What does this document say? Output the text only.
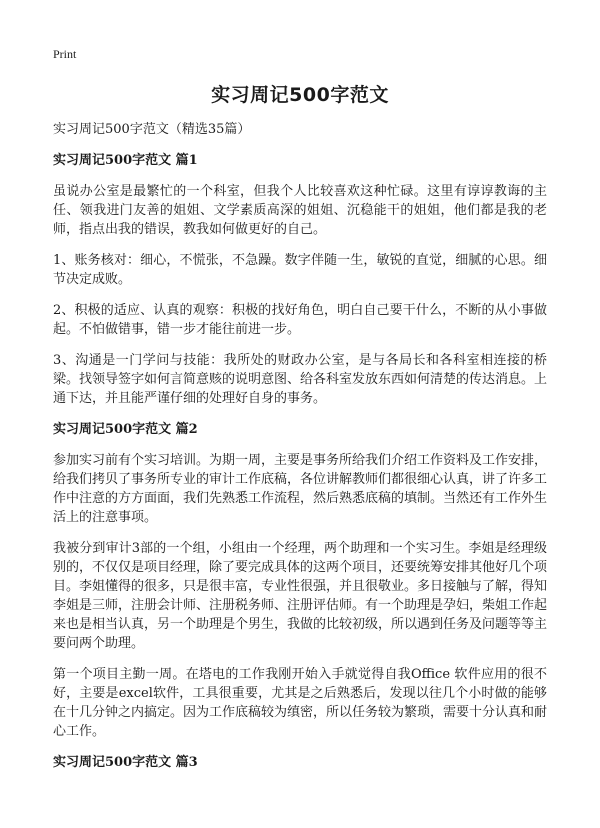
Print
实习周记500字范文

实习周记500字范文（精选35篇）

实习周记500字范文 篇1

虽说办公室是最繁忙的一个科室，但我个人比较喜欢这种忙碌。这里有谆谆教诲的主任、领我进门友善的姐姐、文学素质高深的姐姐、沉稳能干的姐姐，他们都是我的老师，指点出我的错误，教我如何做更好的自己。

1、账务核对：细心，不慌张，不急躁。数字伴随一生，敏锐的直觉，细腻的心思。细节决定成败。

2、积极的适应、认真的观察：积极的找好角色，明白自己要干什么，不断的从小事做起。不怕做错事，错一步才能往前进一步。

3、沟通是一门学问与技能：我所处的财政办公室，是与各局长和各科室相连接的桥梁。找领导签字如何言简意赅的说明意图、给各科室发放东西如何清楚的传达消息。上通下达，并且能严谨仔细的处理好自身的事务。

实习周记500字范文 篇2

参加实习前有个实习培训。为期一周，主要是事务所给我们介绍工作资料及工作安排，给我们拷贝了事务所专业的审计工作底稿，各位讲解教师们都很细心认真，讲了许多工作中注意的方方面面，我们先熟悉工作流程，然后熟悉底稿的填制。当然还有工作外生活上的注意事项。

我被分到审计3部的一个组，小组由一个经理，两个助理和一个实习生。李姐是经理级别的，不仅仅是项目经理，除了要完成具体的这两个项目，还要统筹安排其他好几个项目。李姐懂得的很多，只是很丰富，专业性很强，并且很敬业。多日接触与了解，得知李姐是三师，注册会计师、注册税务师、注册评估师。有一个助理是孕妇，柴姐工作起来也是相当认真，另一个助理是个男生，我做的比较初级，所以遇到任务及问题等等主要问两个助理。

第一个项目主勤一周。在塔电的工作我刚开始入手就觉得自我Office 软件应用的很不好，主要是excel软件，工具很重要，尤其是之后熟悉后，发现以往几个小时做的能够在十几分钟之内搞定。因为工作底稿较为缜密，所以任务较为繁琐，需要十分认真和耐心工作。

实习周记500字范文 篇3
